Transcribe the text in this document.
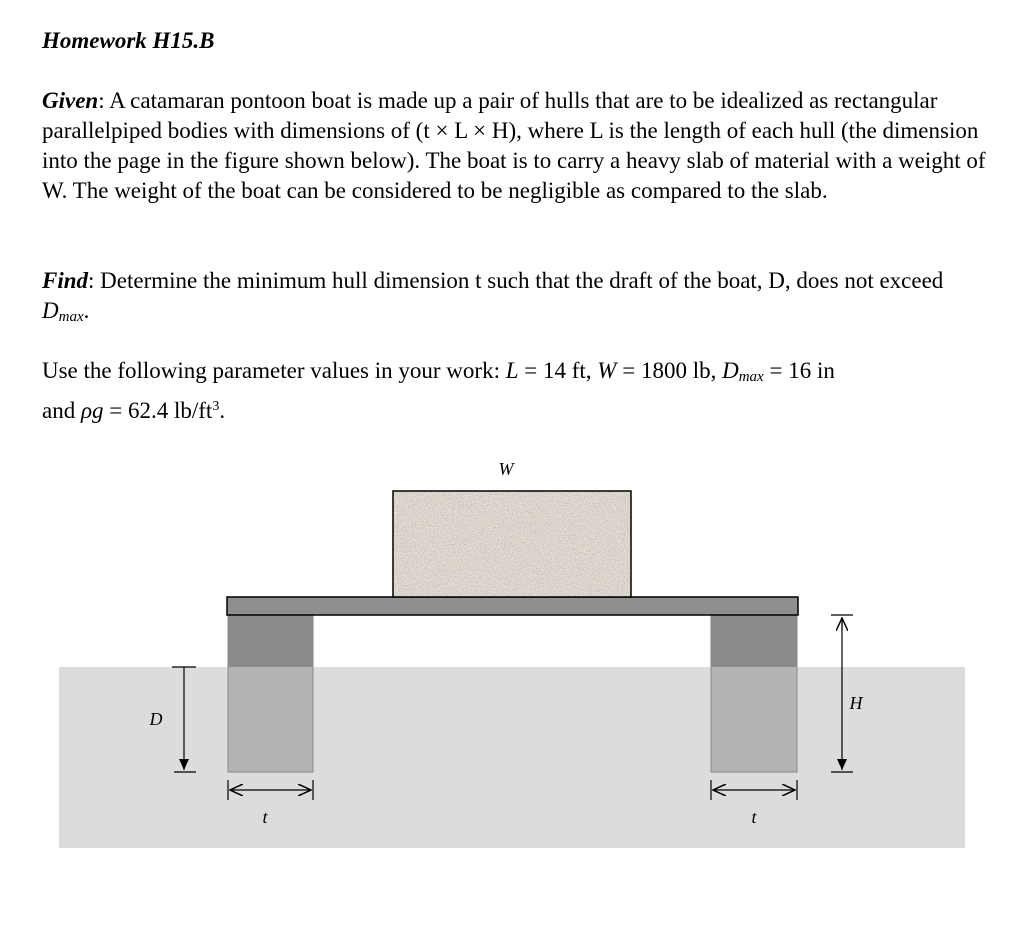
Homework H15.B

Given: A catamaran pontoon boat is made up a pair of hulls that are to be idealized as rectangular parallelpiped bodies with dimensions of (t × L × H), where L is the length of each hull (the dimension into the page in the figure shown below). The boat is to carry a heavy slab of material with a weight of W. The weight of the boat can be considered to be negligible as compared to the slab.

Find: Determine the minimum hull dimension t such that the draft of the boat, D, does not exceed $D_{max}$.

Use the following parameter values in your work: L = 14 ft, W = 1800 lb, $D_{max} = 16$ in
and ρg = 62.4 $lb/ft^3$.

W
D
H
t	t
